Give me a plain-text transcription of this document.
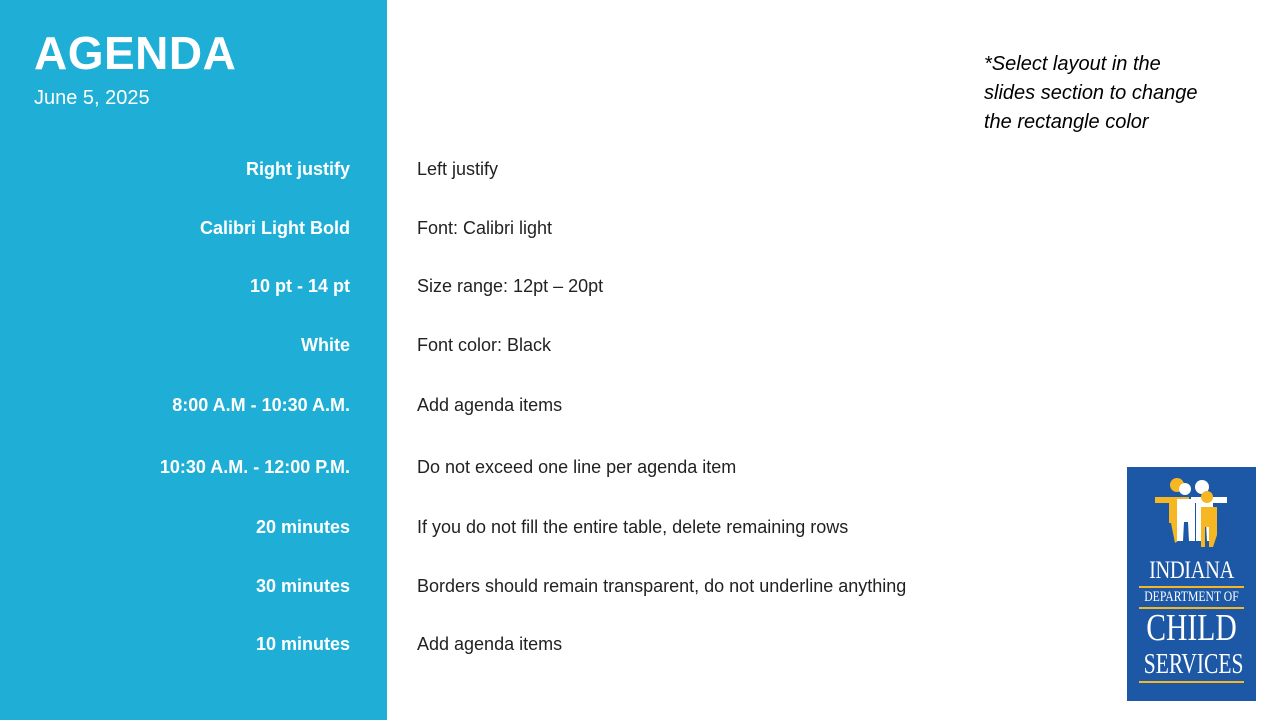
AGENDA
June 5, 2025
*Select layout in the
slides section to change
the rectangle color
Right justify	Left justify
Calibri Light Bold	Font: Calibri light
10 pt - 14 pt	Size range: 12pt – 20pt
White	Font color: Black
8:00 A.M - 10:30 A.M.	Add agenda items
10:30 A.M. - 12:00 P.M.	Do not exceed one line per agenda item
20 minutes	If you do not fill the entire table, delete remaining rows
30 minutes	Borders should remain transparent, do not underline anything
10 minutes	Add agenda items
INDIANA
DEPARTMENT OF
CHILD
SERVICES
